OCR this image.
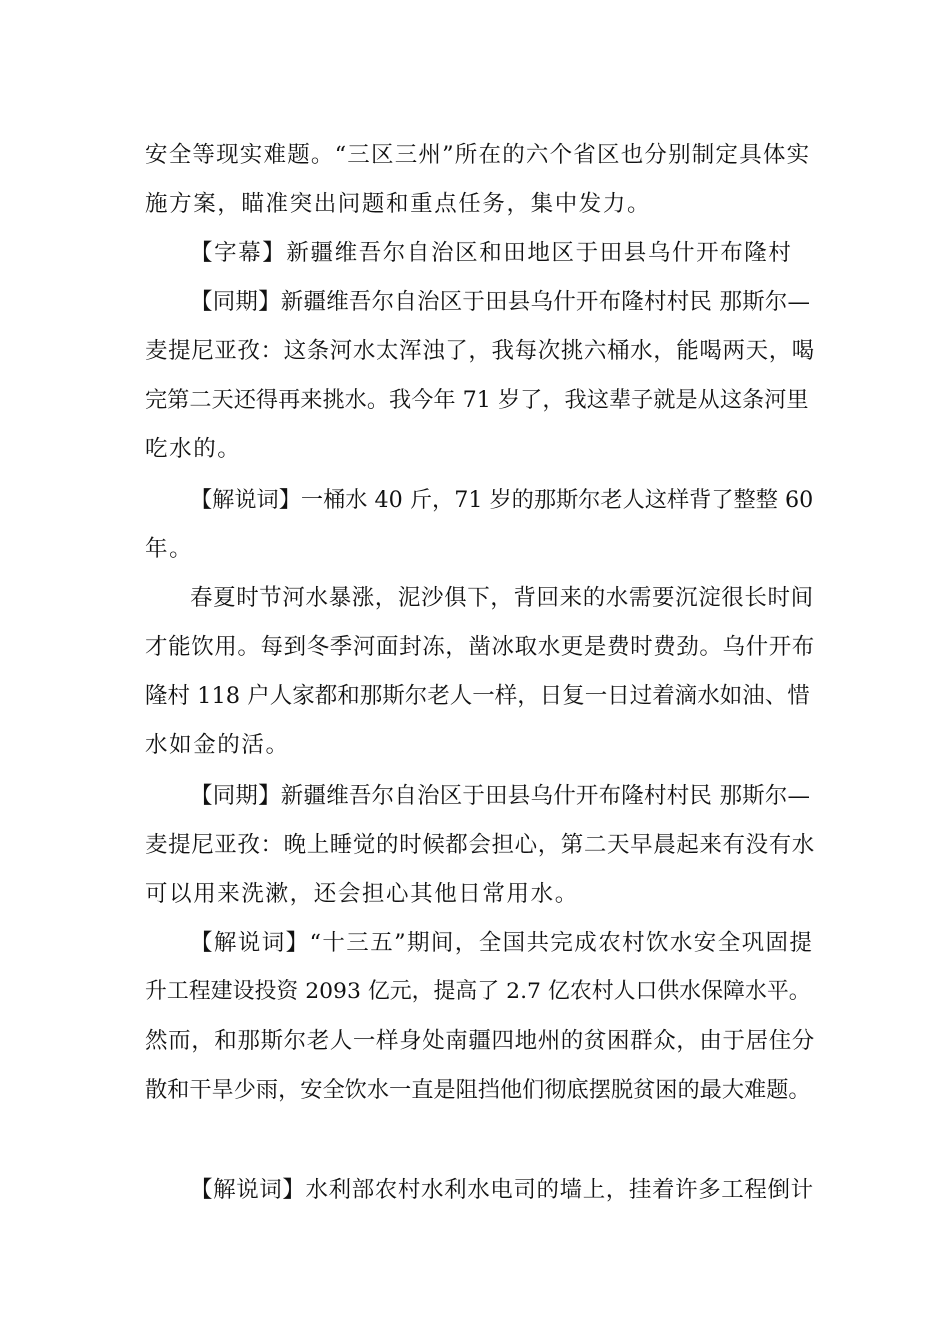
安全等现实难题。“三区三州”所在的六个省区也分别制定具体实
施方案，瞄准突出问题和重点任务，集中发力。
【字幕】新疆维吾尔自治区和田地区于田县乌什开布隆村
【同期】新疆维吾尔自治区于田县乌什开布隆村村民 那斯尔—
麦提尼亚孜：这条河水太浑浊了，我每次挑六桶水，能喝两天，喝
完第二天还得再来挑水。我今年 71 岁了，我这辈子就是从这条河里
吃水的。
【解说词】一桶水 40 斤，71 岁的那斯尔老人这样背了整整 60
年。
春夏时节河水暴涨，泥沙俱下，背回来的水需要沉淀很长时间
才能饮用。每到冬季河面封冻，凿冰取水更是费时费劲。乌什开布
隆村 118 户人家都和那斯尔老人一样，日复一日过着滴水如油、惜
水如金的活。
【同期】新疆维吾尔自治区于田县乌什开布隆村村民 那斯尔—
麦提尼亚孜：晚上睡觉的时候都会担心，第二天早晨起来有没有水
可以用来洗漱，还会担心其他日常用水。
【解说词】“十三五”期间，全国共完成农村饮水安全巩固提
升工程建设投资 2093 亿元，提高了 2.7 亿农村人口供水保障水平。
然而，和那斯尔老人一样身处南疆四地州的贫困群众，由于居住分
散和干旱少雨，安全饮水一直是阻挡他们彻底摆脱贫困的最大难题。
【解说词】水利部农村水利水电司的墙上，挂着许多工程倒计
